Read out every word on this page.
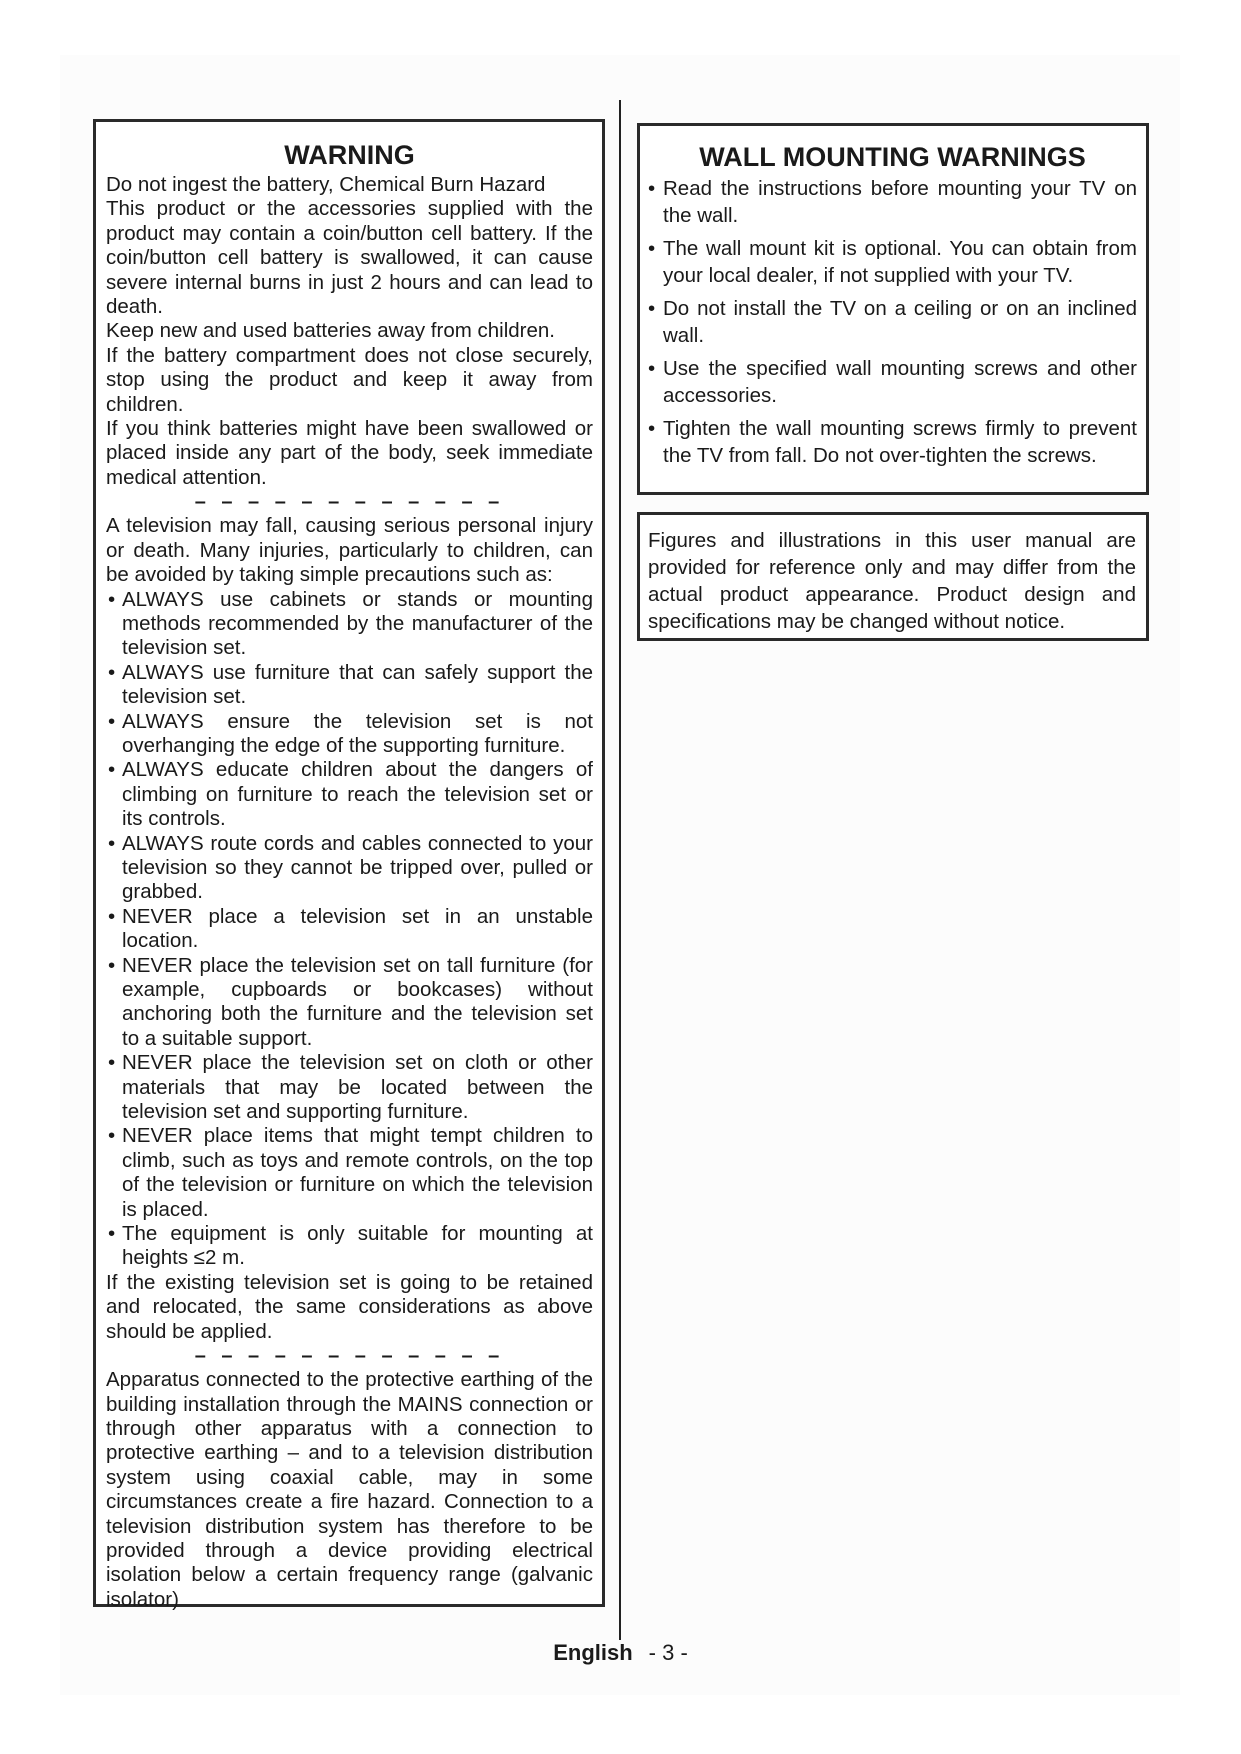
WARNING

Do not ingest the battery, Chemical Burn Hazard

This product or the accessories supplied with the product may contain a coin/button cell battery. If the coin/button cell battery is swallowed, it can cause severe internal burns in just 2 hours and can lead to death.

Keep new and used batteries away from children.

If the battery compartment does not close securely, stop using the product and keep it away from children.

If you think batteries might have been swallowed or placed inside any part of the body, seek immediate medical attention.

– – – – – – – – – – – –

A television may fall, causing serious personal injury or death. Many injuries, particularly to children, can be avoided by taking simple precautions such as:

• ALWAYS use cabinets or stands or mounting methods recommended by the manufacturer of the television set.
• ALWAYS use furniture that can safely support the television set.
• ALWAYS ensure the television set is not overhanging the edge of the supporting furniture.
• ALWAYS educate children about the dangers of climbing on furniture to reach the television set or its controls.
• ALWAYS route cords and cables connected to your television so they cannot be tripped over, pulled or grabbed.
• NEVER place a television set in an unstable location.
• NEVER place the television set on tall furniture (for example, cupboards or bookcases) without anchoring both the furniture and the television set to a suitable support.
• NEVER place the television set on cloth or other materials that may be located between the television set and supporting furniture.
• NEVER place items that might tempt children to climb, such as toys and remote controls, on the top of the television or furniture on which the television is placed.
• The equipment is only suitable for mounting at heights ≤2 m.

If the existing television set is going to be retained and relocated, the same considerations as above should be applied.

– – – – – – – – – – – –

Apparatus connected to the protective earthing of the building installation through the MAINS connection or through other apparatus with a connection to protective earthing – and to a television distribution system using coaxial cable, may in some circumstances create a fire hazard. Connection to a television distribution system has therefore to be provided through a device providing electrical isolation below a certain frequency range (galvanic isolator)

WALL MOUNTING WARNINGS
• Read the instructions before mounting your TV on the wall.
• The wall mount kit is optional. You can obtain from your local dealer, if not supplied with your TV.
• Do not install the TV on a ceiling or on an inclined wall.
• Use the specified wall mounting screws and other accessories.
• Tighten the wall mounting screws firmly to prevent the TV from fall. Do not over-tighten the screws.
Figures and illustrations in this user manual are provided for reference only and may differ from the actual product appearance. Product design and specifications may be changed without notice.
English - 3 -
